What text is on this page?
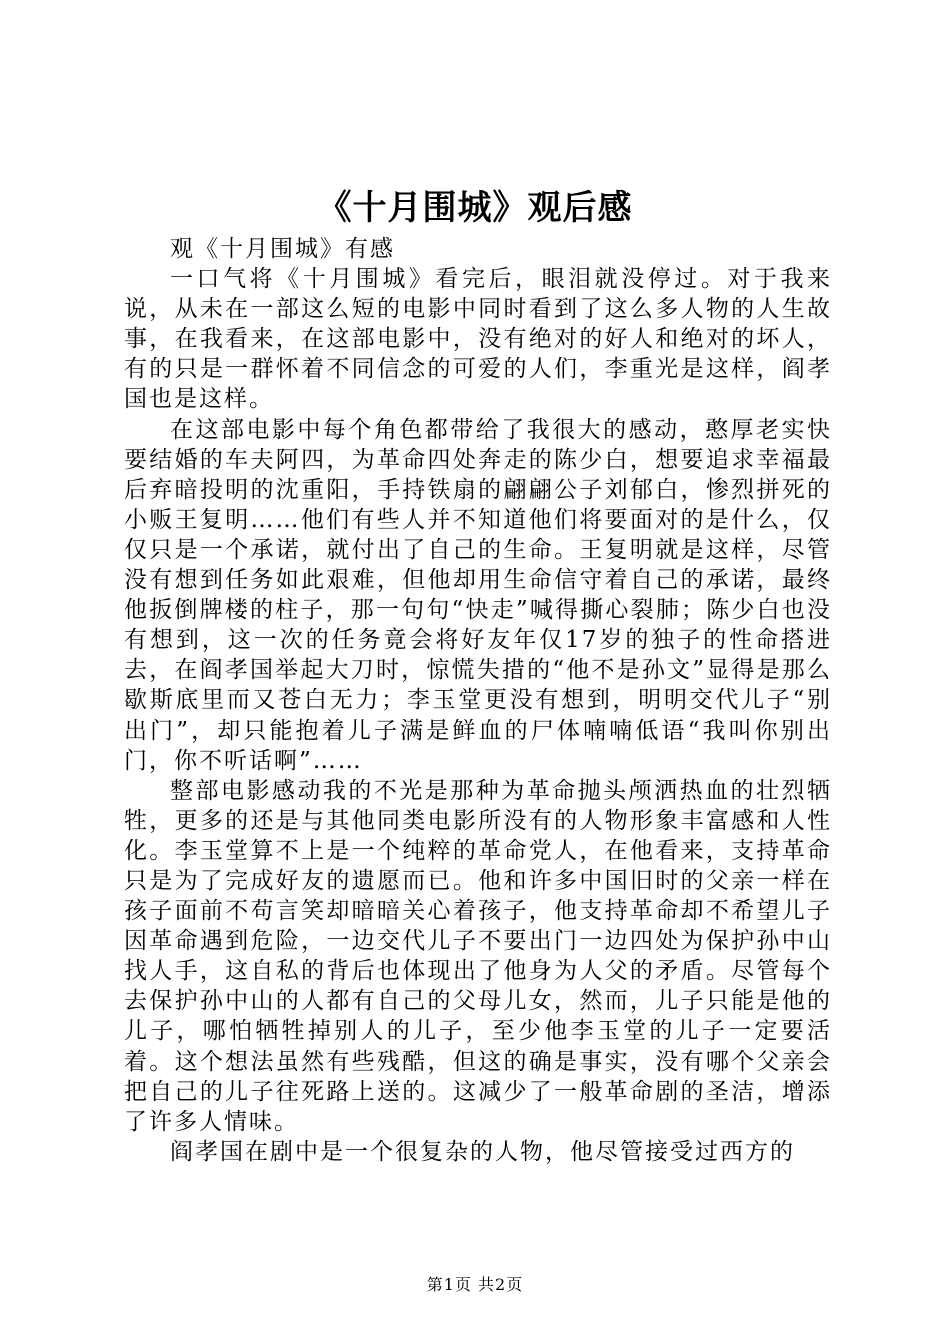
《十月围城》观后感

观《十月围城》有感

一口气将《十月围城》看完后，眼泪就没停过。对于我来说，从未在一部这么短的电影中同时看到了这么多人物的人生故事，在我看来，在这部电影中，没有绝对的好人和绝对的坏人，有的只是一群怀着不同信念的可爱的人们，李重光是这样，阎孝国也是这样。

在这部电影中每个角色都带给了我很大的感动，憨厚老实快要结婚的车夫阿四，为革命四处奔走的陈少白，想要追求幸福最后弃暗投明的沈重阳，手持铁扇的翩翩公子刘郁白，惨烈拼死的小贩王复明……他们有些人并不知道他们将要面对的是什么，仅仅只是一个承诺，就付出了自己的生命。王复明就是这样，尽管没有想到任务如此艰难，但他却用生命信守着自己的承诺，最终他扳倒牌楼的柱子，那一句句“快走”喊得撕心裂肺；陈少白也没有想到，这一次的任务竟会将好友年仅17岁的独子的性命搭进去，在阎孝国举起大刀时，惊慌失措的“他不是孙文”显得是那么歇斯底里而又苍白无力；李玉堂更没有想到，明明交代儿子“别出门”，却只能抱着儿子满是鲜血的尸体喃喃低语“我叫你别出门，你不听话啊”……

整部电影感动我的不光是那种为革命抛头颅洒热血的壮烈牺牲，更多的还是与其他同类电影所没有的人物形象丰富感和人性化。李玉堂算不上是一个纯粹的革命党人，在他看来，支持革命只是为了完成好友的遗愿而已。他和许多中国旧时的父亲一样在孩子面前不苟言笑却暗暗关心着孩子，他支持革命却不希望儿子因革命遇到危险，一边交代儿子不要出门一边四处为保护孙中山找人手，这自私的背后也体现出了他身为人父的矛盾。尽管每个去保护孙中山的人都有自己的父母儿女，然而，儿子只能是他的儿子，哪怕牺牲掉别人的儿子，至少他李玉堂的儿子一定要活着。这个想法虽然有些残酷，但这的确是事实，没有哪个父亲会把自己的儿子往死路上送的。这减少了一般革命剧的圣洁，增添了许多人情味。

阎孝国在剧中是一个很复杂的人物，他尽管接受过西方的

第1页 共2页
